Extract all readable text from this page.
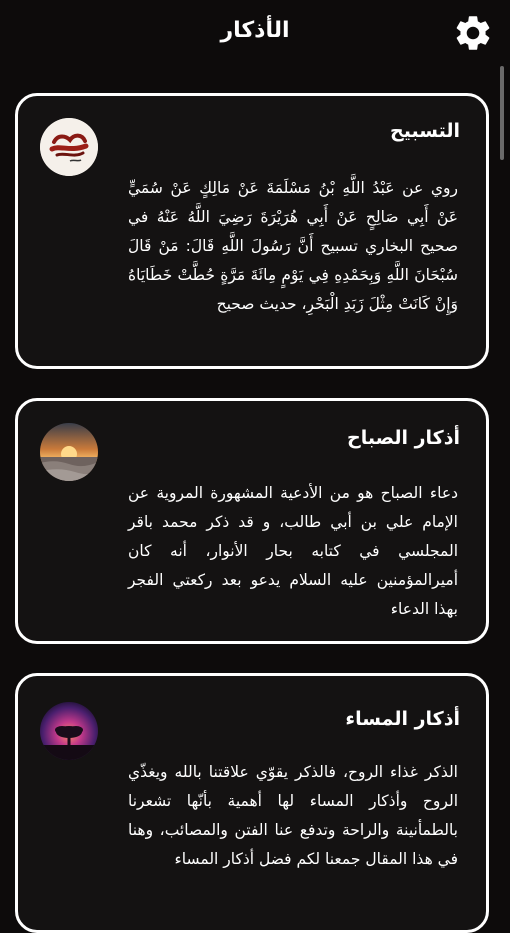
التسبيح
روي عن عَبْدُ اللَّهِ بْنُ مَسْلَمَةَ عَنْ مَالِكٍ عَنْ سُمَيٍّ عَنْ أَبِي صَالِحٍ عَنْ أَبِي هُرَيْرَةَ رَضِيَ اللَّهُ عَنْهُ في صحيح البخاري تسبيح أَنَّ رَسُولَ اللَّهِ قَالَ: مَنْ قَالَ سُبْحَانَ اللَّهِ وَبِحَمْدِهِ فِي يَوْمٍ مِائَةَ مَرَّةٍ حُطَّتْ خَطَايَاهُ وَإِنْ كَانَتْ مِثْلَ زَبَدِ الْبَحْرِ، حديث صحيح
أذكار الصباح
دعاء الصباح هو من الأدعية المشهورة المروية عن الإمام علي بن أبي طالب، و قد ذكر محمد باقر المجلسي في كتابه بحار الأنوار، أنه كان أميرالمؤمنين عليه السلام يدعو بعد ركعتي الفجر بهذا الدعاء
أذكار المساء
الذكر غذاء الروح، فالذكر يقوّي علاقتنا بالله ويغذّي الروح وأذكار المساء لها أهمية بأنّها تشعرنا بالطمأنينة والراحة وتدفع عنا الفتن والمصائب، وهنا في هذا المقال جمعنا لكم فضل أذكار المساء
الأذكار
